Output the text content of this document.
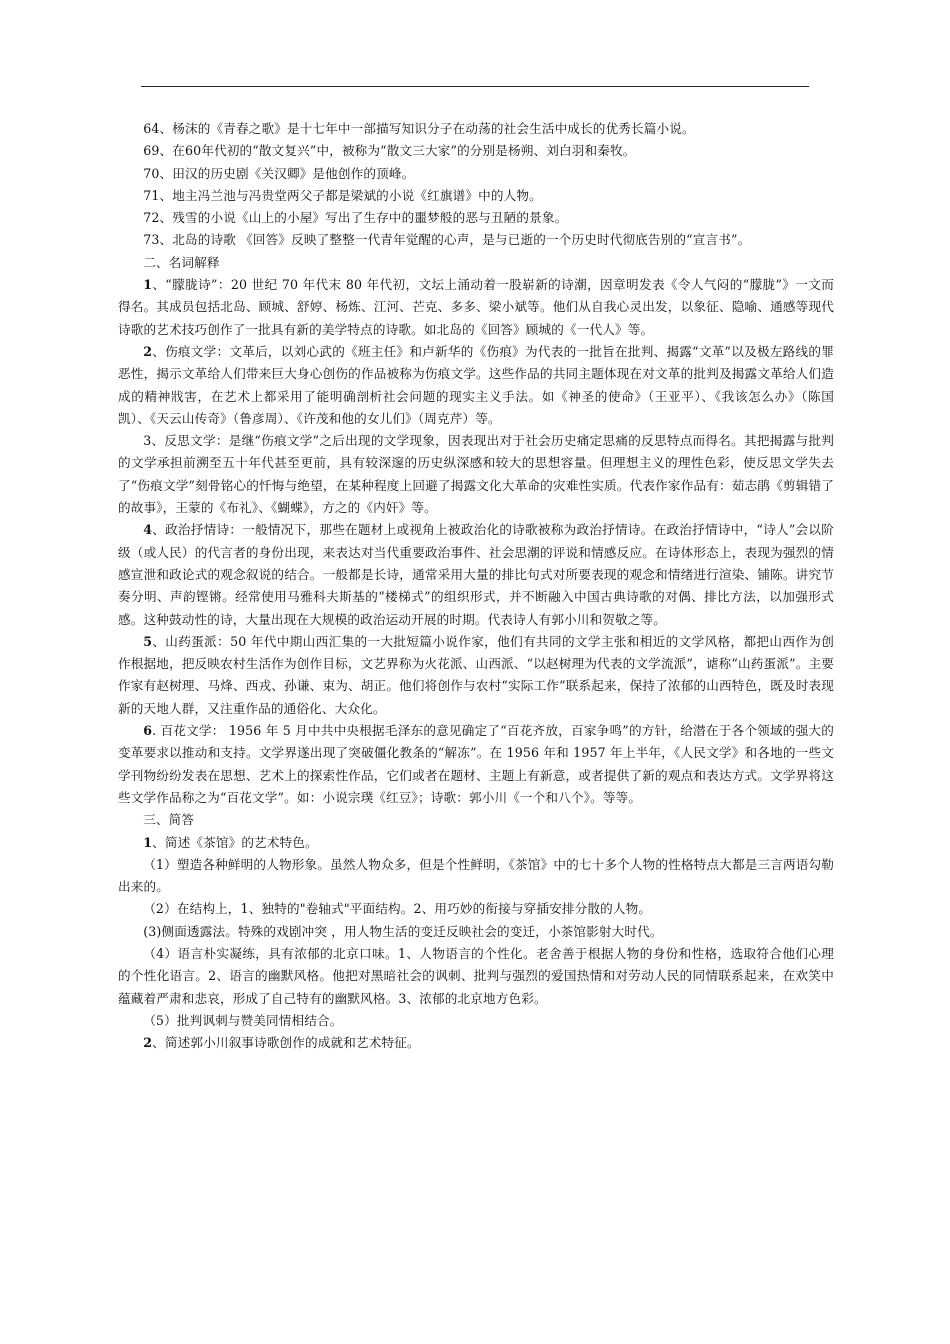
64、杨沫的《青春之歌》是十七年中一部描写知识分子在动荡的社会生活中成长的优秀长篇小说。

69、在60年代初的“散文复兴”中，被称为“散文三大家”的分别是杨朔、刘白羽和秦牧。

70、田汉的历史剧《关汉卿》是他创作的顶峰。

71、地主冯兰池与冯贵堂两父子都是梁斌的小说《红旗谱》中的人物。

72、残雪的小说《山上的小屋》写出了生存中的噩梦般的恶与丑陋的景象。

73、北岛的诗歌 《回答》反映了整整一代青年觉醒的心声，是与已逝的一个历史时代彻底告别的“宣言书”。

二、名词解释

1、“朦胧诗”：20 世纪 70 年代末 80 年代初，文坛上涌动着一股崭新的诗潮，因章明发表《令人气闷的“朦胧”》一文而得名。其成员包括北岛、顾城、舒婷、杨炼、江河、芒克、多多、梁小斌等。他们从自我心灵出发，以象征、隐喻、通感等现代诗歌的艺术技巧创作了一批具有新的美学特点的诗歌。如北岛的《回答》顾城的《一代人》等。

2、伤痕文学：文革后，以刘心武的《班主任》和卢新华的《伤痕》为代表的一批旨在批判、揭露“文革”以及极左路线的罪恶性，揭示文革给人们带来巨大身心创伤的作品被称为伤痕文学。这些作品的共同主题体现在对文革的批判及揭露文革给人们造成的精神戕害，在艺术上都采用了能明确剖析社会问题的现实主义手法。如《神圣的使命》（王亚平）、《我该怎么办》（陈国凯）、《天云山传奇》（鲁彦周）、《许茂和他的女儿们》（周克芹）等。

3、反思文学：是继“伤痕文学”之后出现的文学现象，因表现出对于社会历史痛定思痛的反思特点而得名。其把揭露与批判的文学承担前溯至五十年代甚至更前，具有较深邃的历史纵深感和较大的思想容量。但理想主义的理性色彩，使反思文学失去了“伤痕文学”刻骨铭心的忏悔与绝望，在某种程度上回避了揭露文化大革命的灾难性实质。代表作家作品有：茹志鹃《剪辑错了的故事》，王蒙的《布礼》、《蝴蝶》，方之的《内奸》等。

4、政治抒情诗：一般情况下，那些在题材上或视角上被政治化的诗歌被称为政治抒情诗。在政治抒情诗中，“诗人”会以阶级（或人民）的代言者的身份出现，来表达对当代重要政治事件、社会思潮的评说和情感反应。在诗体形态上，表现为强烈的情感宣泄和政论式的观念叙说的结合。一般都是长诗，通常采用大量的排比句式对所要表现的观念和情绪进行渲染、铺陈。讲究节奏分明、声韵铿锵。经常使用马雅科夫斯基的“楼梯式”的组织形式，并不断融入中国古典诗歌的对偶、排比方法，以加强形式感。这种鼓动性的诗，大量出现在大规模的政治运动开展的时期。代表诗人有郭小川和贺敬之等。

5、山药蛋派：50 年代中期山西汇集的一大批短篇小说作家，他们有共同的文学主张和相近的文学风格，都把山西作为创作根据地，把反映农村生活作为创作目标，文艺界称为火花派、山西派、“以赵树理为代表的文学流派”，谑称“山药蛋派”。主要作家有赵树理、马烽、西戎、孙谦、束为、胡正。他们将创作与农村“实际工作”联系起来，保持了浓郁的山西特色，既及时表现新的天地人群，又注重作品的通俗化、大众化。

6. 百花文学： 1956 年 5 月中共中央根据毛泽东的意见确定了“百花齐放，百家争鸣”的方针，给潜在于各个领域的强大的变革要求以推动和支持。文学界遂出现了突破僵化教条的“解冻”。在 1956 年和 1957 年上半年，《人民文学》和各地的一些文学刊物纷纷发表在思想、艺术上的探索性作品，它们或者在题材、主题上有新意，或者提供了新的观点和表达方式。文学界将这些文学作品称之为“百花文学”。如：小说宗璞《红豆》；诗歌：郭小川《一个和八个》。等等。

三、简答

1、简述《茶馆》的艺术特色。

（1）塑造各种鲜明的人物形象。虽然人物众多，但是个性鲜明，《茶馆》中的七十多个人物的性格特点大都是三言两语勾勒出来的。

（2）在结构上，1、独特的"卷轴式"平面结构。2、用巧妙的衔接与穿插安排分散的人物。

(3)侧面透露法。特殊的戏剧冲突 ，用人物生活的变迁反映社会的变迁，小茶馆影射大时代。

（4）语言朴实凝练，具有浓郁的北京口味。1、人物语言的个性化。老舍善于根据人物的身份和性格，选取符合他们心理的个性化语言。2、语言的幽默风格。他把对黑暗社会的讽刺、批判与强烈的爱国热情和对劳动人民的同情联系起来，在欢笑中蕴藏着严肃和悲哀，形成了自己特有的幽默风格。3、浓郁的北京地方色彩。

（5）批判讽刺与赞美同情相结合。

2、简述郭小川叙事诗歌创作的成就和艺术特征。
